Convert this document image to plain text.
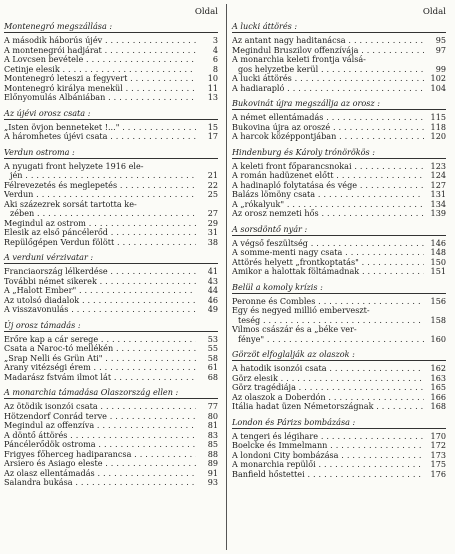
Oldal
Montenegró megszállása :
A második háborús újév . . .	3
A montenegrói hadjárat . . .	4
A Lovcsen bevétele . . .	6
Cetinje elesik . . .	8
Montenegró leteszi a fegyvert . . .	10
Montenegró királya menekül . . .	11
Előnyomulás Albániában . . .	13
Az újévi orosz csata :
„Isten övjon benneteket !..." . . .	15
A háromhetes újévi csata . . .	17
Verdun ostroma :
A nyugati front helyzete 1916 ele-
jén . . .	21
Félrevezetés és meglepetés . . .	22
Verdun . . .	25
Aki százezrek sorsát tartotta ke-
zében . . .	27
Megindul az ostrom . . .	29
Elesik az első páncélerőd . . .	31
Repülőgépen Verdun fölött . . .	38
A verduni vérzivatar :
Franciaország lélkerdése . . .	41
További német sikerek . . .	43
A „Halott Ember" . . .	44
Az utolsó diadalok . . .	46
A visszavonulás . . .	49
Új orosz támadás :
Erőre kap a cár serege . . .	53
Csata a Naroc-tó mellékén . . .	55
„Srap Nelli és Grün Áti" . . .	58
Arany vitézségi érem . . .	61
Madarász fstvám ilmot lát . . .	68
A monarchia támadása Olaszország ellen :
Az ötödik isonzói csata . . .	77
Hötzendorf Conrád terve . . .	80
Megindul az offenzíva . . .	81
A döntő áttörés . . .	83
Páncélerődök ostroma . . .	85
Frigyes főherceg hadiparancsa . . .	88
Arsiero és Asiago eleste . . .	89
Az olasz ellentámadás . . .	91
Salandra bukása . . .	93
Oldal
A lucki áttörés :
Az antant nagy haditanácsa . . .	95
Megindul Bruszilov offenzívája . . .	97
A monarchia keleti frontja válsá-
gos helyzetbe kerül . . .	99
A lucki áttörés . . .	102
A hadiarapló . . .	104
Bukovinát újra megszállja az orosz :
A német ellentámadás . . .	115
Bukovina újra az oroszé . . .	118
A harcok középpontjában . . .	120
Hindenburg és Károly trónörökös :
A keleti front főparancsnokai . . .	123
A román hadüzenet előtt . . .	124
A hadinapló folytatása és vége . . .	127
Balázs lömöny csata . . .	131
A „rókalyuk" . . .	134
Az orosz nemzeti hős . . .	139
A sorsdöntő nyár :
A végső feszültség . . .	146
A somme-menti nagy csata . . .	148
Áttörés helyett „frontkoptatás" . . .	150
Amikor a halottak föltámadnak . . .	151
Belül a komoly krízis :
Peronne és Combles . . .	156
Egy és negyed millió emberveszt-
teség . . .	158
Vilmos császár és a „béke ver-
fénye" . . .	160
Görzöt elfoglalják az olaszok :
A hatodik isonzói csata . . .	162
Görz elesik . . .	163
Görz tragédiája . . .	165
Az olaszok a Doberdón . . .	166
Itália hadat üzen Németországnak . . .	168
London és Párizs bombázása :
A tengeri és légihare . . .	170
Boelcke és Immelmann . . .	172
A londoni City bombázása . . .	173
A monarchia repülői . . .	175
Banfield hőstettei . . .	176
